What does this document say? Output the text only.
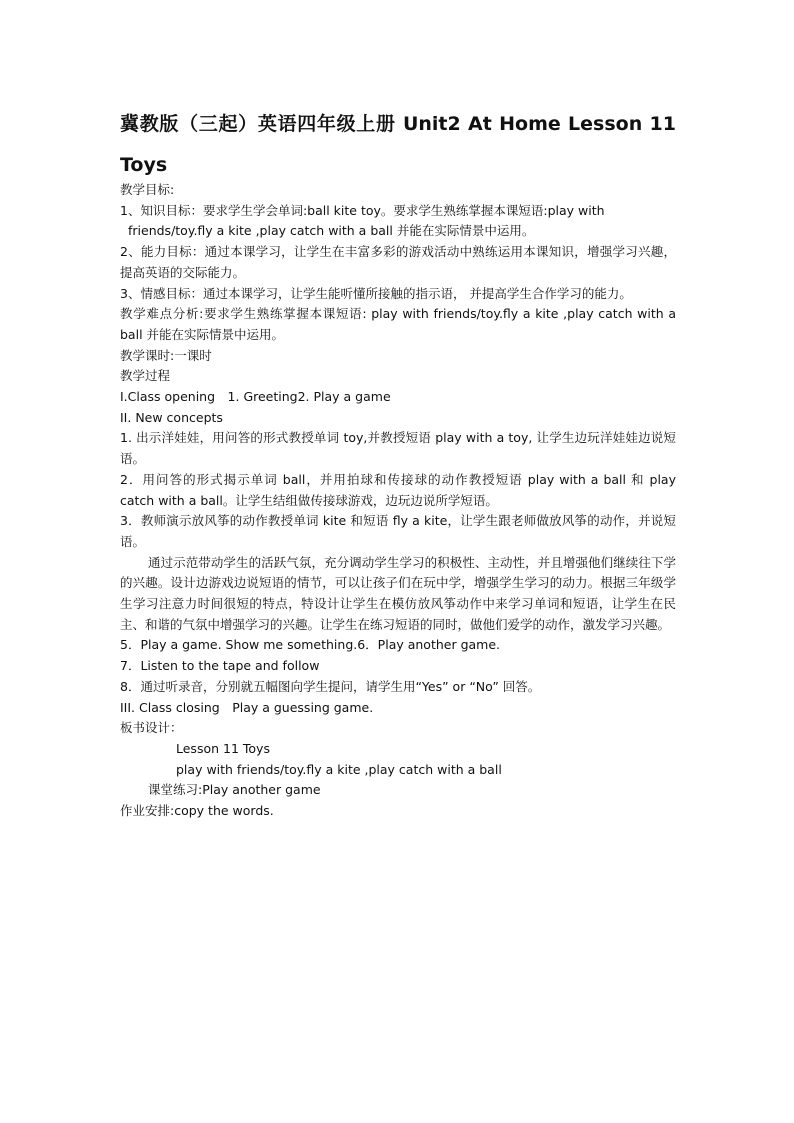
冀教版（三起）英语四年级上册 Unit2 At Home Lesson 11 Toys

教学目标:

1、知识目标：要求学生学会单词:ball kite toy。要求学生熟练掌握本课短语:play with

friends/toy.fly a kite ,play catch with a ball 并能在实际情景中运用。

2、能力目标：通过本课学习，让学生在丰富多彩的游戏活动中熟练运用本课知识，增强学习兴趣，提高英语的交际能力。

3、情感目标：通过本课学习，让学生能听懂所接触的指示语， 并提高学生合作学习的能力。

教学难点分析:要求学生熟练掌握本课短语: play with friends/toy.fly a kite ,play catch with a ball 并能在实际情景中运用。

教学课时:一课时

教学过程

I.Class opening　1. Greeting2. Play a game

II. New concepts

1. 出示洋娃娃，用问答的形式教授单词 toy,并教授短语 play with a toy, 让学生边玩洋娃娃边说短语。

2．用问答的形式揭示单词 ball，并用拍球和传接球的动作教授短语 play with a ball 和 play catch with a ball。让学生结组做传接球游戏，边玩边说所学短语。

3．教师演示放风筝的动作教授单词 kite 和短语 fly a kite，让学生跟老师做放风筝的动作，并说短语。

通过示范带动学生的活跃气氛，充分调动学生学习的积极性、主动性，并且增强他们继续往下学的兴趣。设计边游戏边说短语的情节，可以让孩子们在玩中学，增强学生学习的动力。根据三年级学生学习注意力时间很短的特点，特设计让学生在模仿放风筝动作中来学习单词和短语，让学生在民主、和谐的气氛中增强学习的兴趣。让学生在练习短语的同时，做他们爱学的动作，激发学习兴趣。

5．Play a game. Show me something.6．Play another game.

7．Listen to the tape and follow

8．通过听录音，分别就五幅图向学生提问，请学生用“Yes” or “No” 回答。

III. Class closing　Play a guessing game.

板书设计：

Lesson 11 Toys

play with friends/toy.fly a kite ,play catch with a ball

课堂练习:Play another game

作业安排:copy the words.
